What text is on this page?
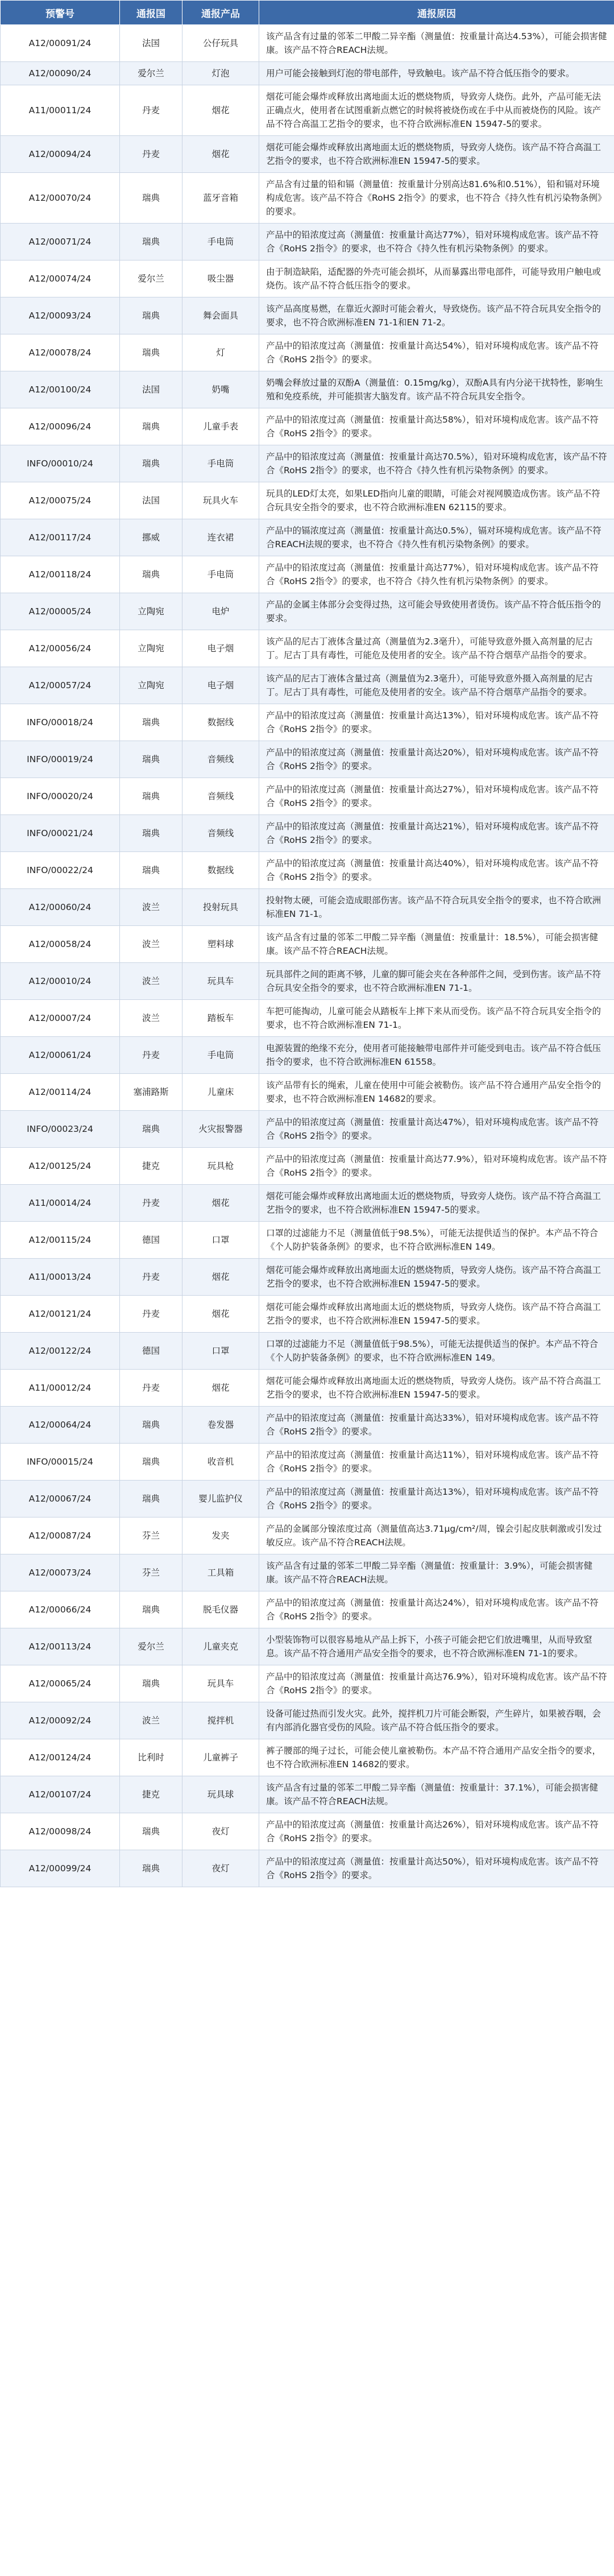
预警号	通报国	通报产品	通报原因
A12/00091/24	法国	公仔玩具	该产品含有过量的邻苯二甲酸二异辛酯（测量值：按重量计高达4.53%），可能会损害健康。该产品不符合REACH法规。
A12/00090/24	爱尔兰	灯泡	用户可能会接触到灯泡的带电部件，导致触电。该产品不符合低压指令的要求。
A11/00011/24	丹麦	烟花	烟花可能会爆炸或释放出离地面太近的燃烧物质，导致旁人烧伤。此外，产品可能无法正确点火，使用者在试图重新点燃它的时候将被烧伤或在手中从而被烧伤的风险。该产品不符合高温工艺指令的要求，也不符合欧洲标准EN 15947-5的要求。
A12/00094/24	丹麦	烟花	烟花可能会爆炸或释放出离地面太近的燃烧物质，导致旁人烧伤。该产品不符合高温工艺指令的要求，也不符合欧洲标准EN 15947-5的要求。
A12/00070/24	瑞典	蓝牙音箱	产品含有过量的铅和镉（测量值：按重量计分别高达81.6%和0.51%），铅和镉对环境构成危害。该产品不符合《RoHS 2指令》的要求，也不符合《持久性有机污染物条例》的要求。
A12/00071/24	瑞典	手电筒	产品中的铅浓度过高（测量值：按重量计高达77%），铅对环境构成危害。该产品不符合《RoHS 2指令》的要求，也不符合《持久性有机污染物条例》的要求。
A12/00074/24	爱尔兰	吸尘器	由于制造缺陷，适配器的外壳可能会损坏，从而暴露出带电部件，可能导致用户触电或烧伤。该产品不符合低压指令的要求。
A12/00093/24	瑞典	舞会面具	该产品高度易燃，在靠近火源时可能会着火，导致烧伤。该产品不符合玩具安全指令的要求，也不符合欧洲标准EN 71-1和EN 71-2。
A12/00078/24	瑞典	灯	产品中的铅浓度过高（测量值：按重量计高达54%），铅对环境构成危害。该产品不符合《RoHS 2指令》的要求。
A12/00100/24	法国	奶嘴	奶嘴会释放过量的双酚A（测量值：0.15mg/kg），双酚A具有内分泌干扰特性，影响生殖和免疫系统，并可能损害大脑发育。该产品不符合玩具安全指令。
A12/00096/24	瑞典	儿童手表	产品中的铅浓度过高（测量值：按重量计高达58%），铅对环境构成危害。该产品不符合《RoHS 2指令》的要求。
INFO/00010/24	瑞典	手电筒	产品中的铅浓度过高（测量值：按重量计高达70.5%），铅对环境构成危害，该产品不符合《RoHS 2指令》的要求，也不符合《持久性有机污染物条例》的要求。
A12/00075/24	法国	玩具火车	玩具的LED灯太亮，如果LED指向儿童的眼睛，可能会对视网膜造成伤害。该产品不符合玩具安全指令的要求，也不符合欧洲标准EN 62115的要求。
A12/00117/24	挪威	连衣裙	产品中的镉浓度过高（测量值：按重量计高达0.5%），镉对环境构成危害。该产品不符合REACH法规的要求，也不符合《持久性有机污染物条例》的要求。
A12/00118/24	瑞典	手电筒	产品中的铅浓度过高（测量值：按重量计高达77%），铅对环境构成危害。该产品不符合《RoHS 2指令》的要求，也不符合《持久性有机污染物条例》的要求。
A12/00005/24	立陶宛	电炉	产品的金属主体部分会变得过热，这可能会导致使用者烫伤。该产品不符合低压指令的要求。
A12/00056/24	立陶宛	电子烟	该产品的尼古丁液体含量过高（测量值为2.3毫升），可能导致意外摄入高剂量的尼古丁。尼古丁具有毒性，可能危及使用者的安全。该产品不符合烟草产品指令的要求。
A12/00057/24	立陶宛	电子烟	该产品的尼古丁液体含量过高（测量值为2.3毫升），可能导致意外摄入高剂量的尼古丁。尼古丁具有毒性，可能危及使用者的安全。该产品不符合烟草产品指令的要求。
INFO/00018/24	瑞典	数据线	产品中的铅浓度过高（测量值：按重量计高达13%），铅对环境构成危害。该产品不符合《RoHS 2指令》的要求。
INFO/00019/24	瑞典	音频线	产品中的铅浓度过高（测量值：按重量计高达20%），铅对环境构成危害。该产品不符合《RoHS 2指令》的要求。
INFO/00020/24	瑞典	音频线	产品中的铅浓度过高（测量值：按重量计高达27%），铅对环境构成危害。该产品不符合《RoHS 2指令》的要求。
INFO/00021/24	瑞典	音频线	产品中的铅浓度过高（测量值：按重量计高达21%），铅对环境构成危害。该产品不符合《RoHS 2指令》的要求。
INFO/00022/24	瑞典	数据线	产品中的铅浓度过高（测量值：按重量计高达40%），铅对环境构成危害。该产品不符合《RoHS 2指令》的要求。
A12/00060/24	波兰	投射玩具	投射物太硬，可能会造成眼部伤害。该产品不符合玩具安全指令的要求，也不符合欧洲标准EN 71-1。
A12/00058/24	波兰	塑料球	该产品含有过量的邻苯二甲酸二异辛酯（测量值：按重量计：18.5%），可能会损害健康。该产品不符合REACH法规。
A12/00010/24	波兰	玩具车	玩具部件之间的距离不够，儿童的脚可能会夹在各种部件之间，受到伤害。该产品不符合玩具安全指令的要求，也不符合欧洲标准EN 71-1。
A12/00007/24	波兰	踏板车	车把可能掏动，儿童可能会从踏板车上摔下来从而受伤。该产品不符合玩具安全指令的要求，也不符合欧洲标准EN 71-1。
A12/00061/24	丹麦	手电筒	电源装置的绝缘不充分，使用者可能接触带电部件并可能受到电击。该产品不符合低压指令的要求，也不符合欧洲标准EN 61558。
A12/00114/24	塞浦路斯	儿童床	该产品带有长的绳索，儿童在使用中可能会被勒伤。该产品不符合通用产品安全指令的要求，也不符合欧洲标准EN 14682的要求。
INFO/00023/24	瑞典	火灾报警器	产品中的铅浓度过高（测量值：按重量计高达47%），铅对环境构成危害。该产品不符合《RoHS 2指令》的要求。
A12/00125/24	捷克	玩具枪	产品中的铅浓度过高（测量值：按重量计高达77.9%），铅对环境构成危害。该产品不符合《RoHS 2指令》的要求。
A11/00014/24	丹麦	烟花	烟花可能会爆炸或释放出离地面太近的燃烧物质，导致旁人烧伤。该产品不符合高温工艺指令的要求，也不符合欧洲标准EN 15947-5的要求。
A12/00115/24	德国	口罩	口罩的过滤能力不足（测量值低于98.5%），可能无法提供适当的保护。本产品不符合《个人防护装备条例》的要求，也不符合欧洲标准EN 149。
A11/00013/24	丹麦	烟花	烟花可能会爆炸或释放出离地面太近的燃烧物质，导致旁人烧伤。该产品不符合高温工艺指令的要求，也不符合欧洲标准EN 15947-5的要求。
A12/00121/24	丹麦	烟花	烟花可能会爆炸或释放出离地面太近的燃烧物质，导致旁人烧伤。该产品不符合高温工艺指令的要求，也不符合欧洲标准EN 15947-5的要求。
A12/00122/24	德国	口罩	口罩的过滤能力不足（测量值低于98.5%），可能无法提供适当的保护。本产品不符合《个人防护装备条例》的要求，也不符合欧洲标准EN 149。
A11/00012/24	丹麦	烟花	烟花可能会爆炸或释放出离地面太近的燃烧物质，导致旁人烧伤。该产品不符合高温工艺指令的要求，也不符合欧洲标准EN 15947-5的要求。
A12/00064/24	瑞典	卷发器	产品中的铅浓度过高（测量值：按重量计高达33%），铅对环境构成危害。该产品不符合《RoHS 2指令》的要求。
INFO/00015/24	瑞典	收音机	产品中的铅浓度过高（测量值：按重量计高达11%），铅对环境构成危害。该产品不符合《RoHS 2指令》的要求。
A12/00067/24	瑞典	婴儿监护仪	产品中的铅浓度过高（测量值：按重量计高达13%），铅对环境构成危害。该产品不符合《RoHS 2指令》的要求。
A12/00087/24	芬兰	发夹	产品的金属部分镍浓度过高（测量值高达3.71μg/cm²/周，镍会引起皮肤刺激或引发过敏反应。该产品不符合REACH法规。
A12/00073/24	芬兰	工具箱	该产品含有过量的邻苯二甲酸二异辛酯（测量值：按重量计：3.9%），可能会损害健康。该产品不符合REACH法规。
A12/00066/24	瑞典	脱毛仪器	产品中的铅浓度过高（测量值：按重量计高达24%），铅对环境构成危害。该产品不符合《RoHS 2指令》的要求。
A12/00113/24	爱尔兰	儿童夹克	小型装饰物可以很容易地从产品上拆下，小孩子可能会把它们放进嘴里，从而导致窒息。该产品不符合通用产品安全指令的要求，也不符合欧洲标准EN 71-1的要求。
A12/00065/24	瑞典	玩具车	产品中的铅浓度过高（测量值：按重量计高达76.9%），铅对环境构成危害。该产品不符合《RoHS 2指令》的要求。
A12/00092/24	波兰	搅拌机	设备可能过热而引发火灾。此外，搅拌机刀片可能会断裂，产生碎片，如果被吞咽，会有内部消化器官受伤的风险。该产品不符合低压指令的要求。
A12/00124/24	比利时	儿童裤子	裤子腰部的绳子过长，可能会使儿童被勒伤。本产品不符合通用产品安全指令的要求，也不符合欧洲标准EN 14682的要求。
A12/00107/24	捷克	玩具球	该产品含有过量的邻苯二甲酸二异辛酯（测量值：按重量计：37.1%），可能会损害健康。该产品不符合REACH法规。
A12/00098/24	瑞典	夜灯	产品中的铅浓度过高（测量值：按重量计高达26%），铅对环境构成危害。该产品不符合《RoHS 2指令》的要求。
A12/00099/24	瑞典	夜灯	产品中的铅浓度过高（测量值：按重量计高达50%），铅对环境构成危害。该产品不符合《RoHS 2指令》的要求。
